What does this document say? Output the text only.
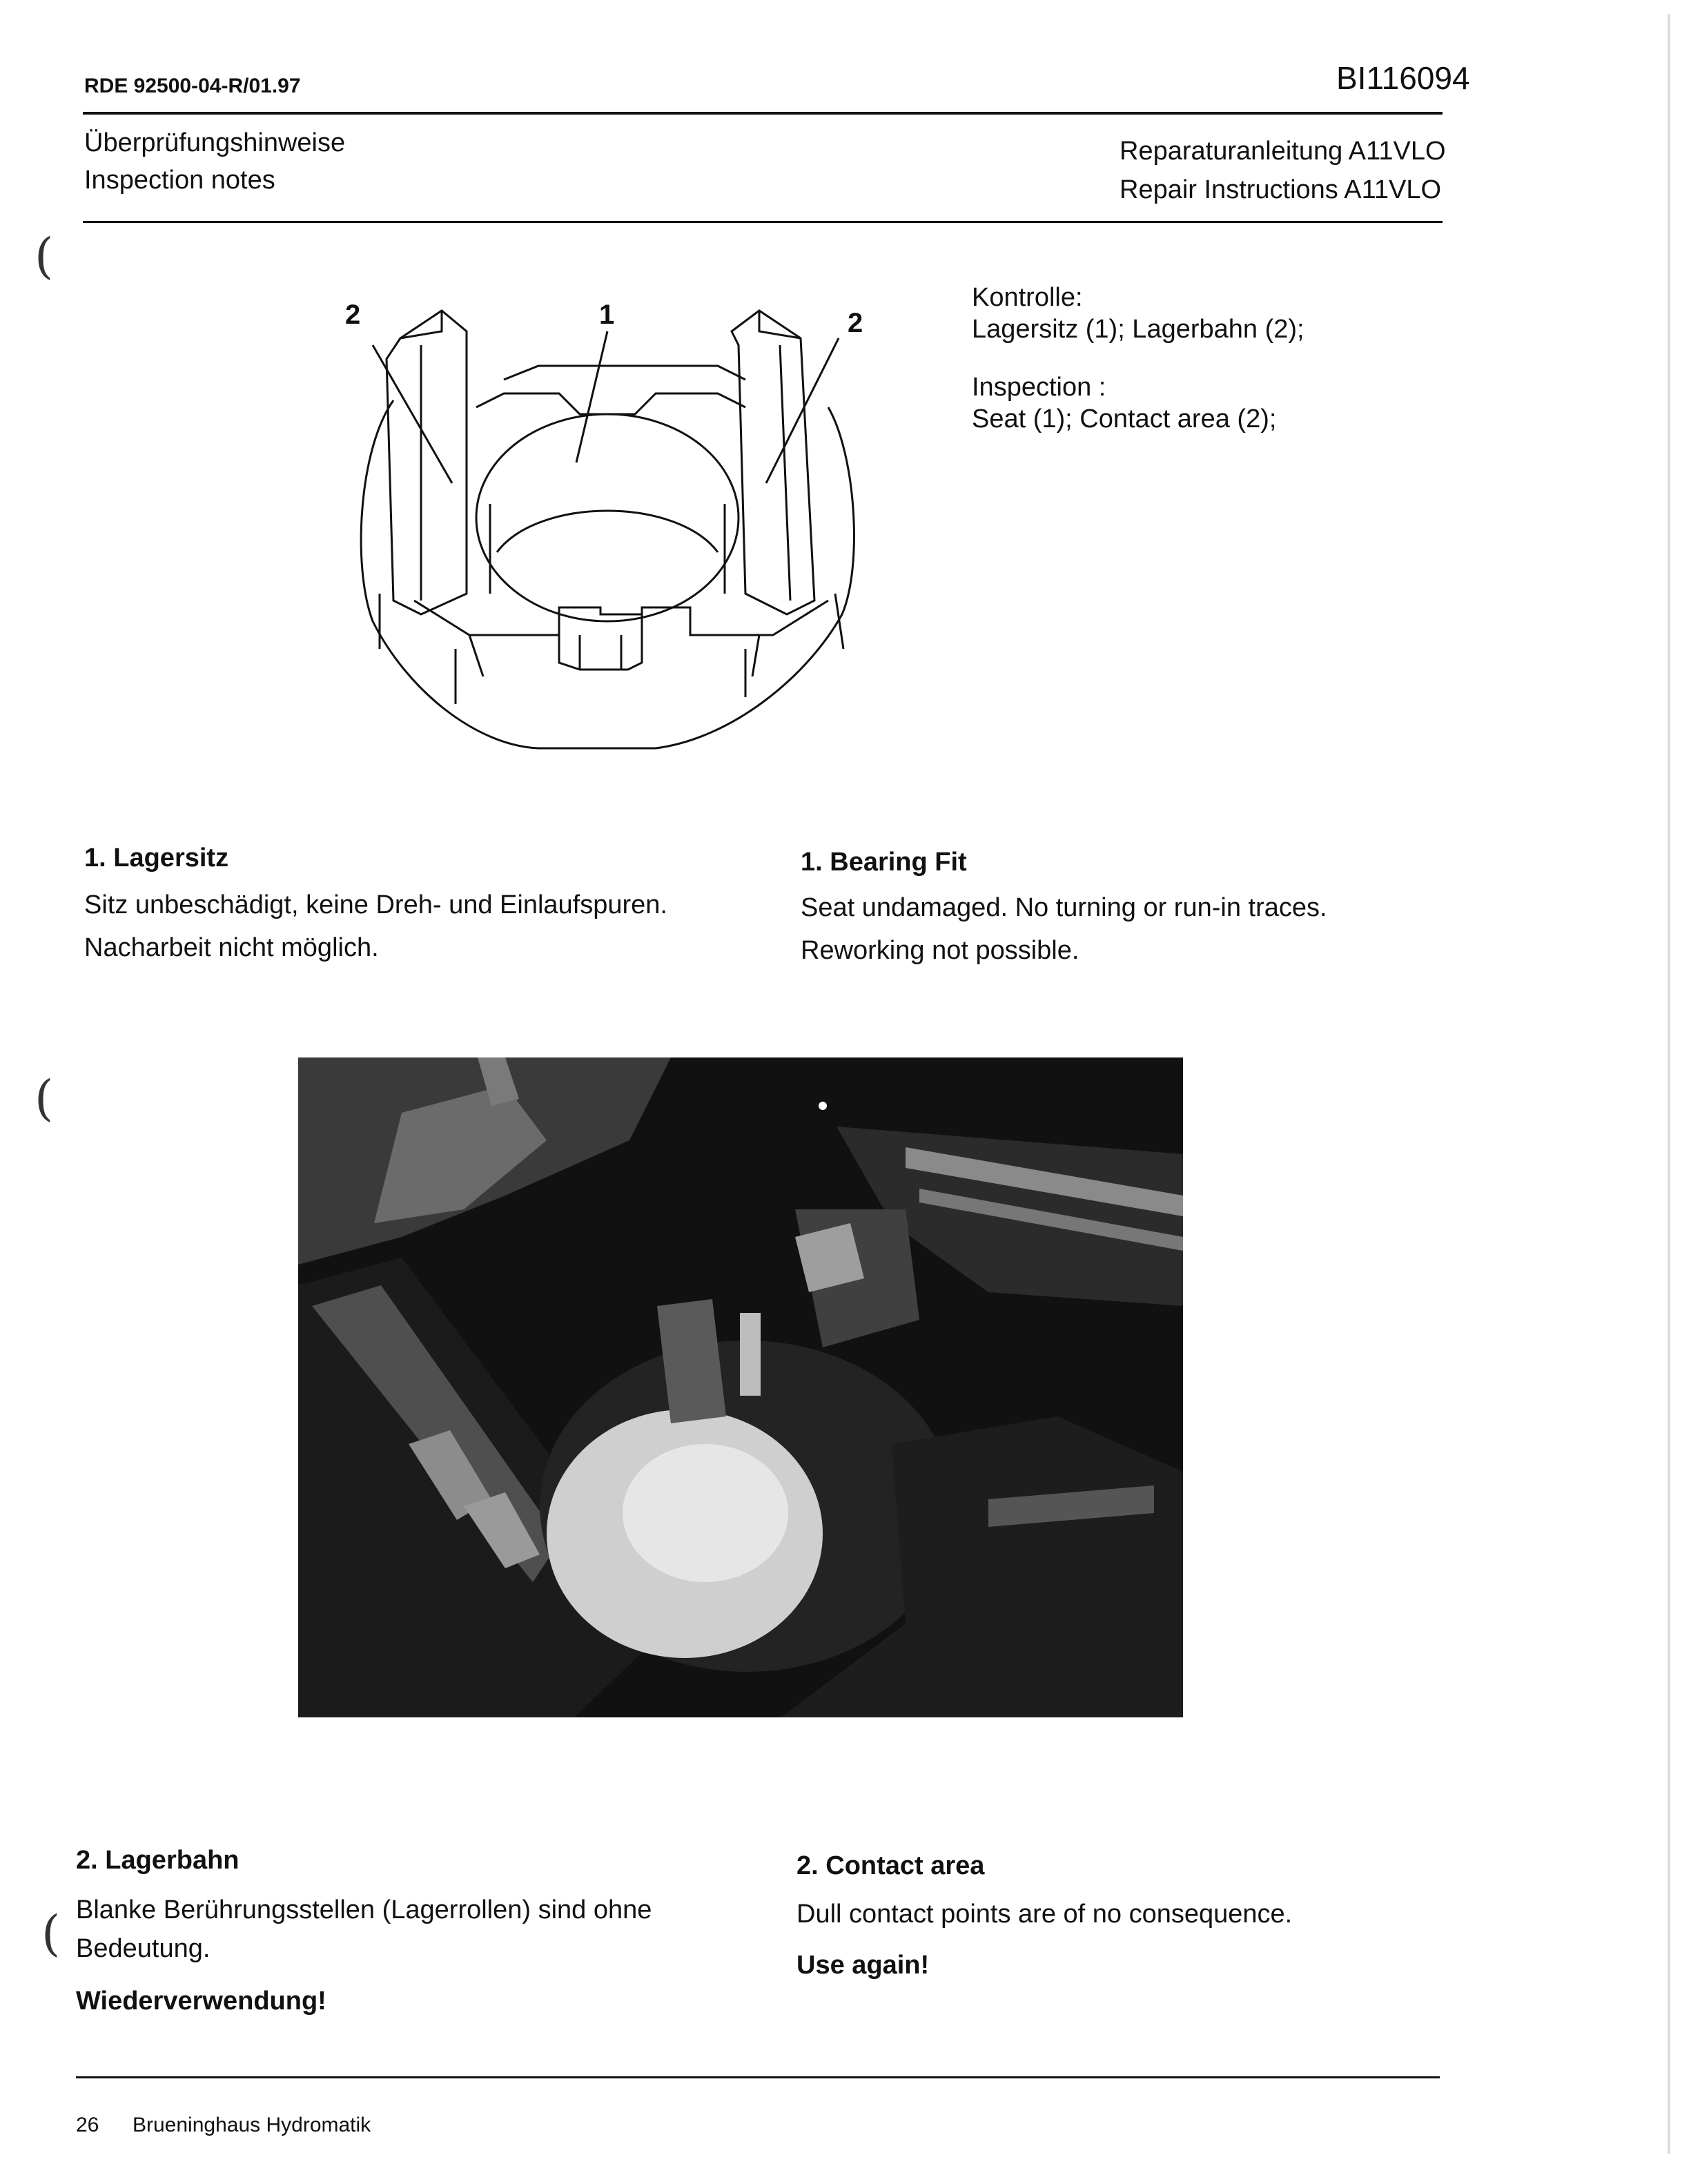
(
(
(
RDE 92500-04-R/01.97	BI116094
Überprüfungshinweise
Inspection notes
Reparaturanleitung A11VLO
Repair Instructions A11VLO
2	1	2
Kontrolle:
Lagersitz (1); Lagerbahn (2);
Inspection :
Seat (1); Contact area (2);
1. Lagersitz
Sitz unbeschädigt, keine Dreh- und Einlaufspuren.
Nacharbeit nicht möglich.
1. Bearing Fit
Seat undamaged. No turning or run-in traces.
Reworking not possible.
2. Lagerbahn
Blanke Berührungsstellen (Lagerrollen) sind ohne
Bedeutung.
Wiederverwendung!
2. Contact area
Dull contact points are of no consequence.
Use again!
26 Brueninghaus Hydromatik
